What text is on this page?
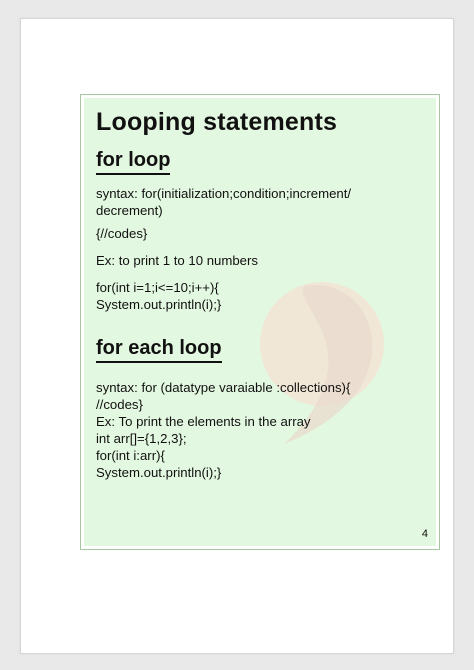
Looping statements
for loop

syntax: for(initialization;condition;increment/

decrement)

{//codes}

Ex: to print 1 to 10 numbers

for(int i=1;i<=10;i++){

System.out.println(i);}

for each loop

syntax: for (datatype varaiable :collections){

//codes}

Ex: To print the elements in the array

int arr[]={1,2,3};

for(int i:arr){

System.out.println(i);}

4
